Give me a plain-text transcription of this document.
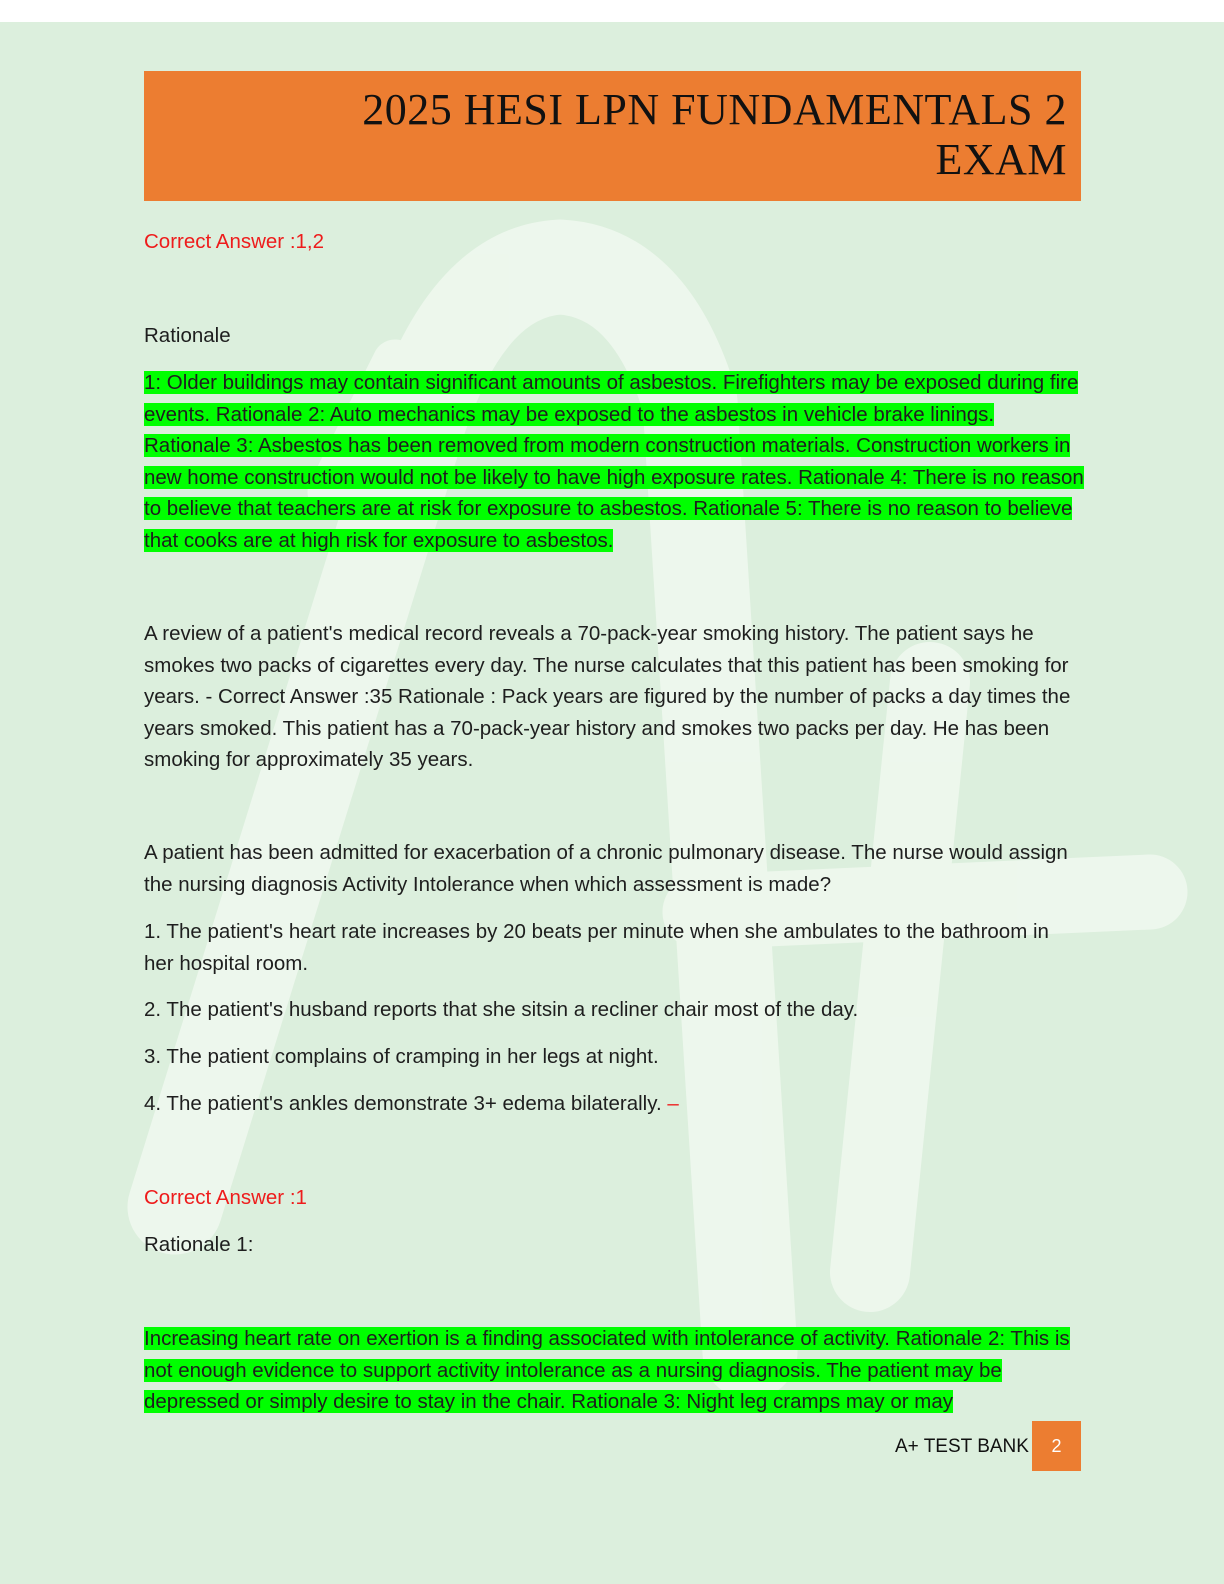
2025 HESI LPN FUNDAMENTALS 2
EXAM

Correct Answer :1,2

Rationale

1: Older buildings may contain significant amounts of asbestos. Firefighters may be exposed during fire events. Rationale 2: Auto mechanics may be exposed to the asbestos in vehicle brake linings. Rationale 3: Asbestos has been removed from modern construction materials. Construction workers in new home construction would not be likely to have high exposure rates. Rationale 4: There is no reason to believe that teachers are at risk for exposure to asbestos. Rationale 5: There is no reason to believe that cooks are at high risk for exposure to asbestos.

A review of a patient's medical record reveals a 70-pack-year smoking history. The patient says he smokes two packs of cigarettes every day. The nurse calculates that this patient has been smoking for years. - Correct Answer :35 Rationale : Pack years are figured by the number of packs a day times the years smoked. This patient has a 70-pack-year history and smokes two packs per day. He has been smoking for approximately 35 years.

A patient has been admitted for exacerbation of a chronic pulmonary disease. The nurse would assign the nursing diagnosis Activity Intolerance when which assessment is made?

1. The patient's heart rate increases by 20 beats per minute when she ambulates to the bathroom in her hospital room.

2. The patient's husband reports that she sitsin a recliner chair most of the day.

3. The patient complains of cramping in her legs at night.

4. The patient's ankles demonstrate 3+ edema bilaterally. –

Correct Answer :1

Rationale 1:

Increasing heart rate on exertion is a finding associated with intolerance of activity. Rationale 2: This is not enough evidence to support activity intolerance as a nursing diagnosis. The patient may be depressed or simply desire to stay in the chair. Rationale 3: Night leg cramps may or may

A+ TEST BANK	2
